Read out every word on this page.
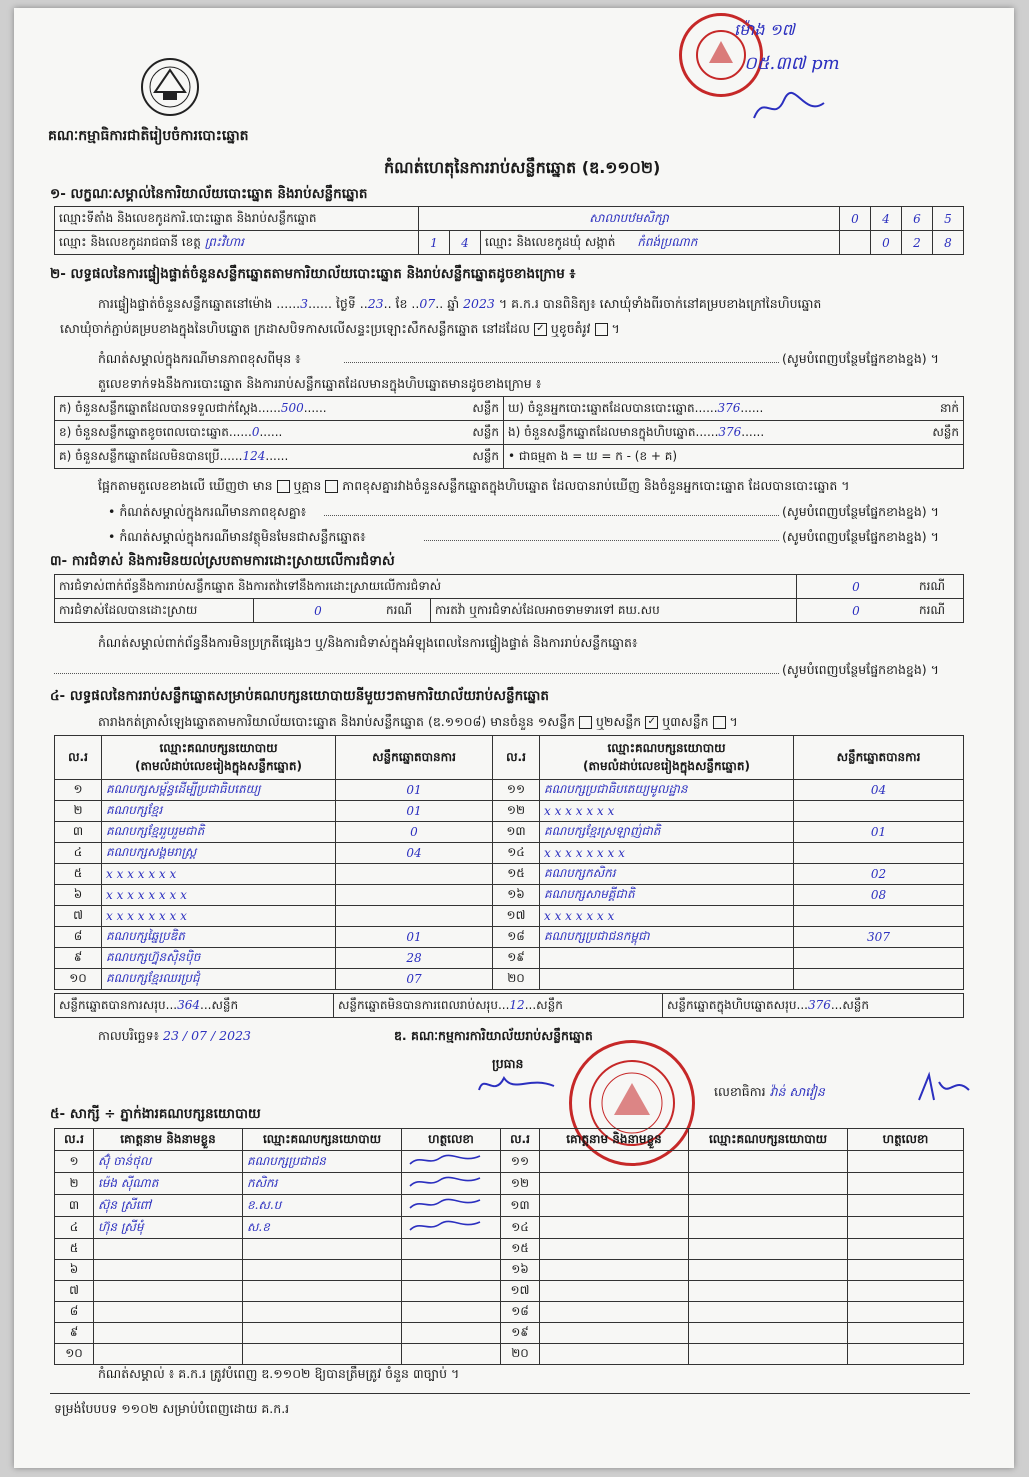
គណៈកម្មាធិការជាតិរៀបចំការបោះឆ្នោត
កំណត់ហេតុនៃការរាប់សន្លឹកឆ្នោត (ឌ.១១០២)
ម៉ោង ១៧
០៥.៣៧ pm
១- លក្ខណៈសម្គាល់នៃការិយាល័យបោះឆ្នោត និងរាប់សន្លឹកឆ្នោត
ឈ្មោះទីតាំង និងលេខកូដការិ.បោះឆ្នោត និងរាប់សន្លឹកឆ្នោត	សាលាបឋមសិក្សា			0	4	6	5
ឈ្មោះ និងលេខកូដរាជធានី ខេត្ត ព្រះវិហារ	1	4	ឈ្មោះ និងលេខកូដឃុំ សង្កាត់ កំពង់ប្រណាក		0	2	8
២- លទ្ធផលនៃការផ្ទៀងផ្ទាត់ចំនួនសន្លឹកឆ្នោតតាមការិយាល័យបោះឆ្នោត និងរាប់សន្លឹកឆ្នោតដូចខាងក្រោម ៖
ការផ្ទៀងផ្ទាត់ចំនួនសន្លឹកឆ្នោតនៅម៉ោង ......3...... ថ្ងៃទី ..23.. ខែ ..07.. ឆ្នាំ 2023 ។ គ.ក.រ បានពិនិត្យ៖ សោឃុំទាំងពីរចាក់នៅគម្របខាងក្រៅនៃហិបឆ្នោត
សោឃុំចាក់ភ្ជាប់គម្របខាងក្នុងនៃហិបឆ្នោត ក្រដាសបិទកាសលើសន្ទះប្រឡោះសឹកសន្លឹកឆ្នោត នៅដដែល ✓ ឬខូចតំរូវ  ។
កំណត់សម្គាល់ក្នុងករណីមានភាពខុសពីមុន ៖	(សូមបំពេញបន្ថែមផ្នែកខាងខ្នង) ។
តួលេខទាក់ទងនឹងការបោះឆ្នោត និងការរាប់សន្លឹកឆ្នោតដែលមានក្នុងហិបឆ្នោតមានដូចខាងក្រោម ៖
ក) ចំនួនសន្លឹកឆ្នោតដែលបានទទួលជាក់ស្ដែង......500...... សន្លឹក	ឃ) ចំនួនអ្នកបោះឆ្នោតដែលបានបោះឆ្នោត......376...... នាក់

ខ) ចំនួនសន្លឹកឆ្នោតខូចពេលបោះឆ្នោត......0...... សន្លឹក	ង) ចំនួនសន្លឹកឆ្នោតដែលមានក្នុងហិបឆ្នោត......376...... សន្លឹក

គ) ចំនួនសន្លឹកឆ្នោតដែលមិនបានប្រើ......124...... សន្លឹក	• ជាធម្មតា ង = ឃ = ក - (ខ + គ)
ផ្អែកតាមតួលេខខាងលើ ឃើញថា មាន ឬគ្មាន ភាពខុសគ្នារវាងចំនួនសន្លឹកឆ្នោតក្នុងហិបឆ្នោត ដែលបានរាប់ឃើញ និងចំនួនអ្នកបោះឆ្នោត ដែលបានបោះឆ្នោត ។
• កំណត់សម្គាល់ក្នុងករណីមានភាពខុសគ្នា៖	(សូមបំពេញបន្ថែមផ្នែកខាងខ្នង) ។
• កំណត់សម្គាល់ក្នុងករណីមានវត្ថុមិនមែនជាសន្លឹកឆ្នោត៖	(សូមបំពេញបន្ថែមផ្នែកខាងខ្នង) ។
៣- ការជំទាស់ និងការមិនយល់ស្របតាមការដោះស្រាយលើការជំទាស់
ការជំទាស់ពាក់ព័ន្ធនឹងការរាប់សន្លឹកឆ្នោត និងការតវ៉ាទៅនឹងការដោះស្រាយលើការជំទាស់				0	ករណី
ការជំទាស់ដែលបានដោះស្រាយ	0	ករណី	ការតវ៉ា ឬការជំទាស់ដែលអាចទាមទារទៅ គឃ.សប	0	ករណី
កំណត់សម្គាល់ពាក់ព័ន្ធនឹងការមិនប្រក្រតីផ្សេងៗ ឬ/និងការជំទាស់ក្នុងអំឡុងពេលនៃការផ្ទៀងផ្ទាត់ និងការរាប់សន្លឹកឆ្នោត៖
(សូមបំពេញបន្ថែមផ្នែកខាងខ្នង) ។
៤- លទ្ធផលនៃការរាប់សន្លឹកឆ្នោតសម្រាប់គណបក្សនយោបាយនីមួយៗតាមការិយាល័យរាប់សន្លឹកឆ្នោត
តារាងកត់ត្រាសំឡេងឆ្នោតតាមការិយាល័យបោះឆ្នោត និងរាប់សន្លឹកឆ្នោត (ឌ.១១០៨) មានចំនួន ១សន្លឹក ឬ២សន្លឹក ✓ ឬ៣សន្លឹក  ។
ល.រ	ឈ្មោះគណបក្សនយោបាយ
(តាមលំដាប់លេខរៀងក្នុងសន្លឹកឆ្នោត)	សន្លឹកឆ្នោតបានការ	ល.រ	ឈ្មោះគណបក្សនយោបាយ
(តាមលំដាប់លេខរៀងក្នុងសន្លឹកឆ្នោត)	សន្លឹកឆ្នោតបានការ
១	គណបក្សសម្ព័ន្ធដើម្បីប្រជាធិបតេយ្យ	01	១១	គណបក្សប្រជាធិបតេយ្យមូលដ្ឋាន	04
២	គណបក្សខ្មែរ	01	១២	x x x x x x x	
៣	គណបក្សខ្មែររួបរួមជាតិ	0	១៣	គណបក្សខ្មែរស្រឡាញ់ជាតិ	01
៤	គណបក្សសង្គមរាស្ត្រ	04	១៤	x x x x x x x x	
៥	x x x x x x x		១៥	គណបក្សកសិករ	02
៦	x x x x x x x x		១៦	គណបក្សសាមគ្គីជាតិ	08
៧	x x x x x x x x		១៧	x x x x x x x	
៨	គណបក្សឆ្នៃប្រឌិត	01	១៨	គណបក្សប្រជាជនកម្ពុជា	307
៩	គណបក្សហ្វ៊ុនស៊ិនប៉ិច	28	១៩		
១០	គណបក្សខ្មែរឈរប្រជុំ	07	២០		
សន្លឹកឆ្នោតបានការសរុប...364...សន្លឹក	សន្លឹកឆ្នោតមិនបានការពេលរាប់សរុប...12...សន្លឹក	សន្លឹកឆ្នោតក្នុងហិបឆ្នោតសរុប...376...សន្លឹក
កាលបរិច្ឆេទ៖ 23 / 07 / 2023	ឌ. គណៈកម្មការការិយាល័យរាប់សន្លឹកឆ្នោត
ប្រធាន
លេខាធិការ វ៉ាន់ សាវៀន
៥- សាក្សី ÷ ភ្នាក់ងារគណបក្សនយោបាយ
ល.រ	គោត្តនាម និងនាមខ្លួន	ឈ្មោះគណបក្សនយោបាយ	ហត្ថលេខា	ល.រ	គោត្តនាម និងនាមខ្លួន	ឈ្មោះគណបក្សនយោបាយ	ហត្ថលេខា
១	ស៊ុំ ចាន់ថុល	គណបក្សប្រជាជន		១១			
២	ម៉េង ស៊ីណាត	កសិករ		១២			
៣	ស៊ុន ស្រីពៅ	ខ.ស.ប		១៣			
៤	ហ៊ុន ស្រីមុំ	ស.ខ		១៤			
៥				១៥			
៦				១៦			
៧				១៧			
៨				១៨			
៩				១៩			
១០				២០			
កំណត់សម្គាល់ ៖ គ.ក.រ ត្រូវបំពេញ ឌ.១១០២ ឱ្យបានត្រឹមត្រូវ ចំនួន ៣ច្បាប់ ។
ទម្រង់បែបបទ ១១០២ សម្រាប់បំពេញដោយ គ.ក.រ
